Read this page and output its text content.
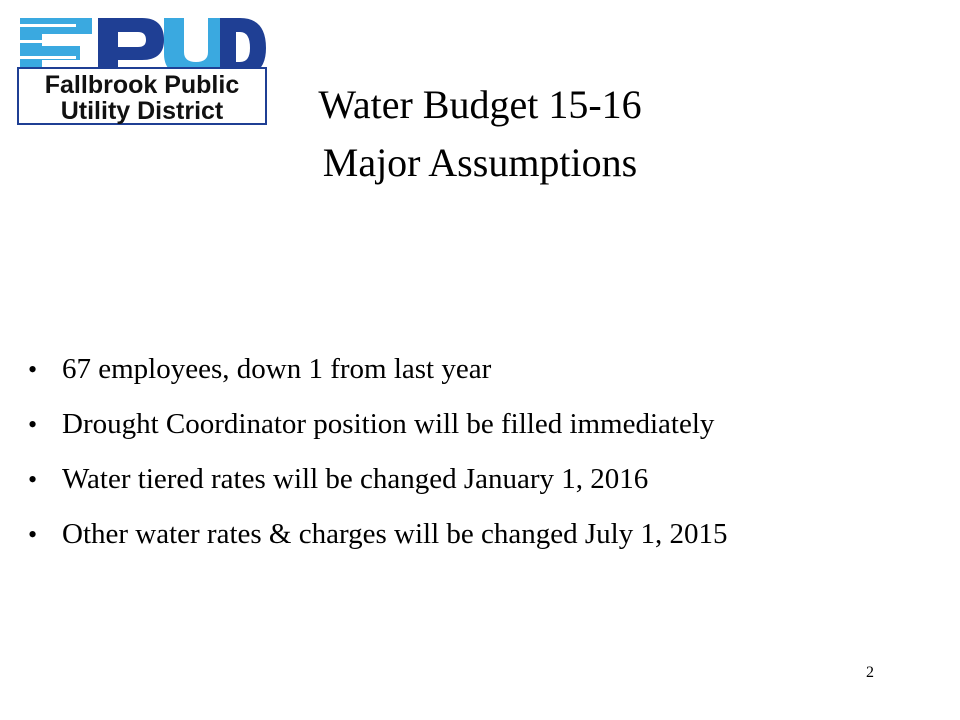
Fallbrook Public
Utility District	Water Budget 15-16
Major Assumptions
• 67 employees, down 1 from last year
• Drought Coordinator position will be filled immediately
• Water tiered rates will be changed January 1, 2016
• Other water rates & charges will be changed July 1, 2015
2
